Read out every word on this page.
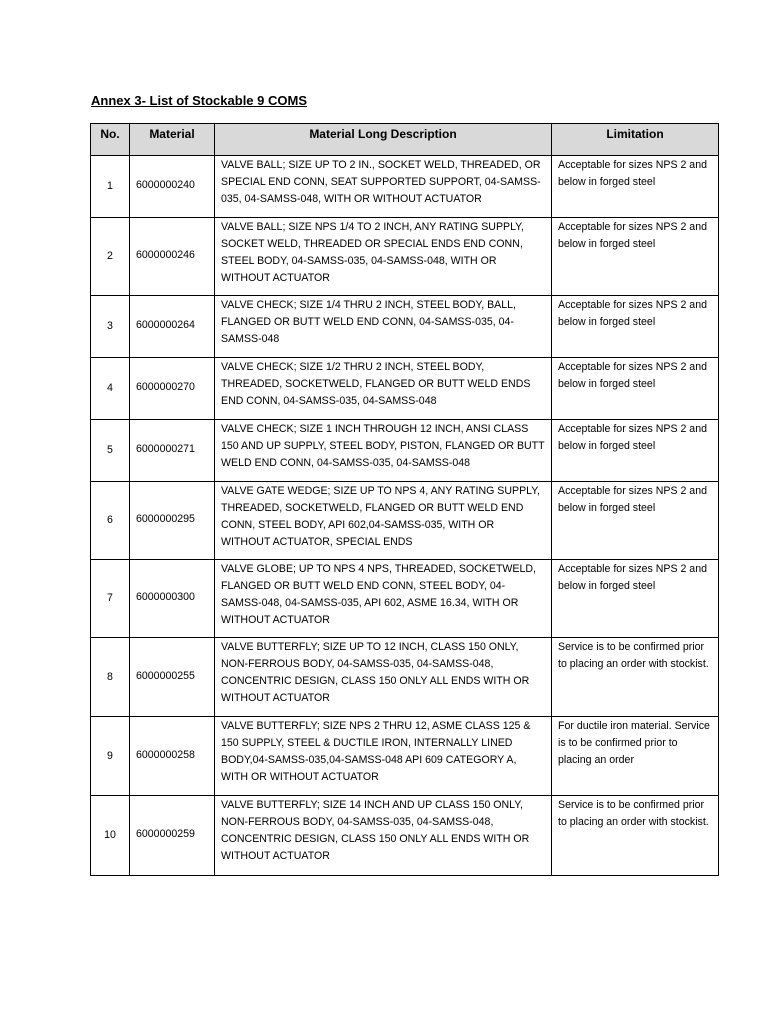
Annex 3- List of Stockable 9 COMS
No.	Material	Material Long Description	Limitation
1	6000000240	VALVE BALL; SIZE UP TO 2 IN., SOCKET WELD, THREADED, OR SPECIAL END CONN, SEAT SUPPORTED SUPPORT, 04-SAMSS-035, 04-SAMSS-048, WITH OR WITHOUT ACTUATOR	Acceptable for sizes NPS 2 and below in forged steel
2	6000000246	VALVE BALL; SIZE NPS 1/4 TO 2 INCH, ANY RATING SUPPLY, SOCKET WELD, THREADED OR SPECIAL ENDS END CONN, STEEL BODY, 04-SAMSS-035, 04-SAMSS-048, WITH OR WITHOUT ACTUATOR	Acceptable for sizes NPS 2 and below in forged steel
3	6000000264	VALVE CHECK; SIZE 1/4 THRU 2 INCH, STEEL BODY, BALL, FLANGED OR BUTT WELD END CONN, 04-SAMSS-035, 04-SAMSS-048	Acceptable for sizes NPS 2 and below in forged steel
4	6000000270	VALVE CHECK; SIZE 1/2 THRU 2 INCH, STEEL BODY, THREADED, SOCKETWELD, FLANGED OR BUTT WELD ENDS END CONN, 04-SAMSS-035, 04-SAMSS-048	Acceptable for sizes NPS 2 and below in forged steel
5	6000000271	VALVE CHECK; SIZE 1 INCH THROUGH 12 INCH, ANSI CLASS 150 AND UP SUPPLY, STEEL BODY, PISTON, FLANGED OR BUTT WELD END CONN, 04-SAMSS-035, 04-SAMSS-048	Acceptable for sizes NPS 2 and below in forged steel
6	6000000295	VALVE GATE WEDGE; SIZE UP TO NPS 4, ANY RATING SUPPLY, THREADED, SOCKETWELD, FLANGED OR BUTT WELD END CONN, STEEL BODY, API 602,04-SAMSS-035, WITH OR WITHOUT ACTUATOR, SPECIAL ENDS	Acceptable for sizes NPS 2 and below in forged steel
7	6000000300	VALVE GLOBE; UP TO NPS 4 NPS, THREADED, SOCKETWELD, FLANGED OR BUTT WELD END CONN, STEEL BODY, 04-SAMSS-048, 04-SAMSS-035, API 602, ASME 16.34, WITH OR WITHOUT ACTUATOR	Acceptable for sizes NPS 2 and below in forged steel
8	6000000255	VALVE BUTTERFLY; SIZE UP TO 12 INCH, CLASS 150 ONLY, NON-FERROUS BODY, 04-SAMSS-035, 04-SAMSS-048, CONCENTRIC DESIGN, CLASS 150 ONLY ALL ENDS WITH OR WITHOUT ACTUATOR	Service is to be confirmed prior to placing an order with stockist.
9	6000000258	VALVE BUTTERFLY; SIZE NPS 2 THRU 12, ASME CLASS 125 & 150 SUPPLY, STEEL & DUCTILE IRON, INTERNALLY LINED BODY,04-SAMSS-035,04-SAMSS-048 API 609 CATEGORY A, WITH OR WITHOUT ACTUATOR	For ductile iron material. Service is to be confirmed prior to placing an order
10	6000000259	VALVE BUTTERFLY; SIZE 14 INCH AND UP CLASS 150 ONLY, NON-FERROUS BODY, 04-SAMSS-035, 04-SAMSS-048, CONCENTRIC DESIGN, CLASS 150 ONLY ALL ENDS WITH OR WITHOUT ACTUATOR	Service is to be confirmed prior to placing an order with stockist.
